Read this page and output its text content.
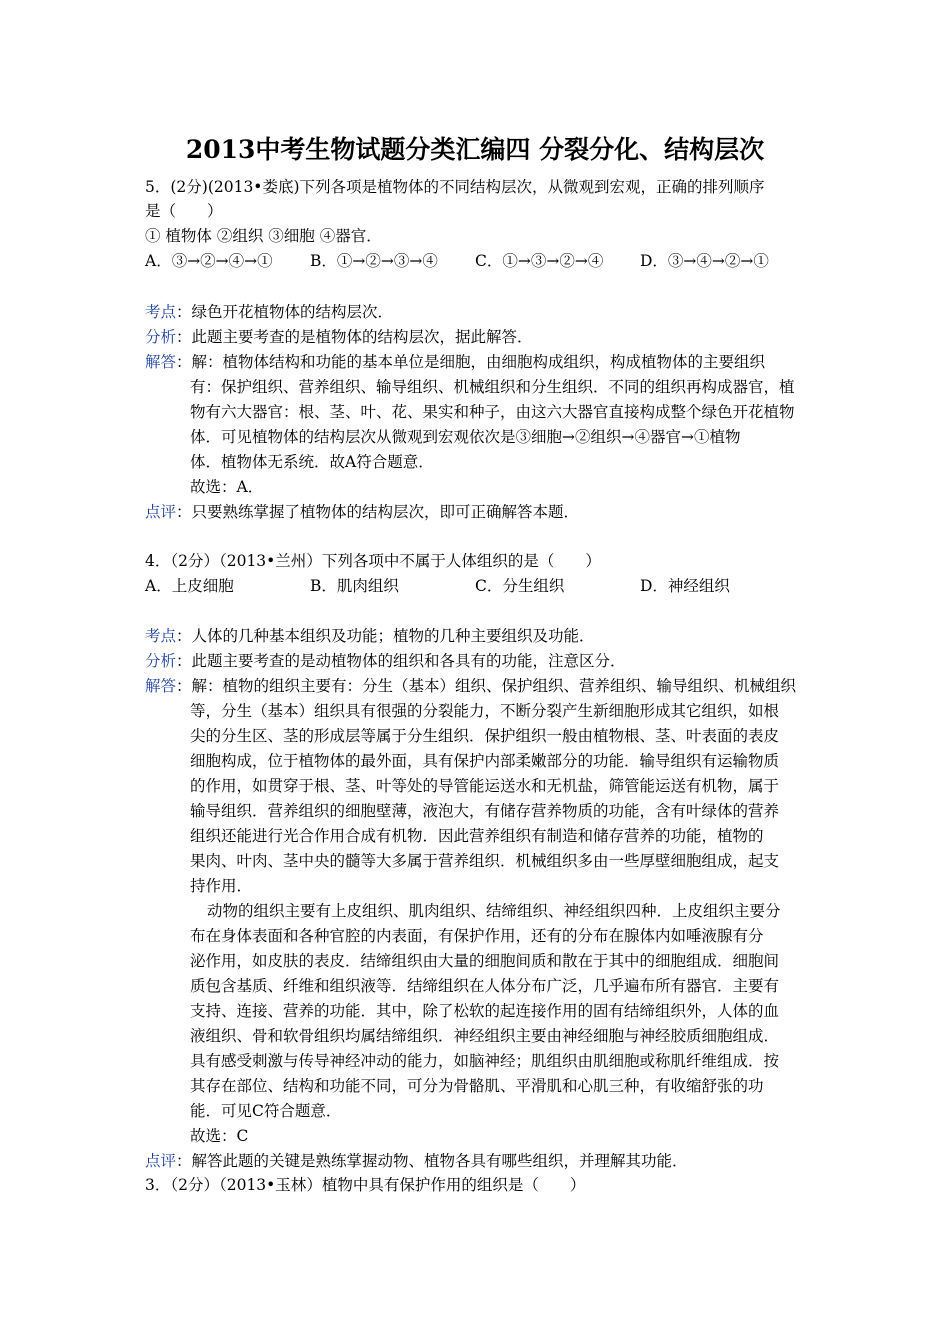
2013中考生物试题分类汇编四 分裂分化、结构层次
5．(2分)(2013•娄底)下列各项是植物体的不同结构层次，从微观到宏观，正确的排列顺序
是（　　）
① 植物体 ②组织 ③细胞 ④器官．
A．③→②→④→① B．①→②→③→④ C．①→③→②→④ D．③→④→②→①
考点：绿色开花植物体的结构层次．
分析：此题主要考查的是植物体的结构层次，据此解答．
解答：解：植物体结构和功能的基本单位是细胞，由细胞构成组织，构成植物体的主要组织
有：保护组织、营养组织、输导组织、机械组织和分生组织．不同的组织再构成器官，植
物有六大器官：根、茎、叶、花、果实和种子，由这六大器官直接构成整个绿色开花植物
体．可见植物体的结构层次从微观到宏观依次是③细胞→②组织→④器官→①植物
体．植物体无系统．故A符合题意．
故选：A．
点评：只要熟练掌握了植物体的结构层次，即可正确解答本题．
4．（2分）（2013•兰州）下列各项中不属于人体组织的是（　　）
A．上皮细胞	B．肌肉组织	C．分生组织	D．神经组织
考点：人体的几种基本组织及功能；植物的几种主要组织及功能．
分析：此题主要考查的是动植物体的组织和各具有的功能，注意区分．
解答：解：植物的组织主要有：分生（基本）组织、保护组织、营养组织、输导组织、机械组织
等，分生（基本）组织具有很强的分裂能力，不断分裂产生新细胞形成其它组织，如根
尖的分生区、茎的形成层等属于分生组织．保护组织一般由植物根、茎、叶表面的表皮
细胞构成，位于植物体的最外面，具有保护内部柔嫩部分的功能．输导组织有运输物质
的作用，如贯穿于根、茎、叶等处的导管能运送水和无机盐，筛管能运送有机物，属于
输导组织．营养组织的细胞壁薄，液泡大，有储存营养物质的功能，含有叶绿体的营养
组织还能进行光合作用合成有机物．因此营养组织有制造和储存营养的功能，植物的
果肉、叶肉、茎中央的髓等大多属于营养组织．机械组织多由一些厚壁细胞组成，起支
持作用．
动物的组织主要有上皮组织、肌肉组织、结缔组织、神经组织四种．上皮组织主要分
布在身体表面和各种官腔的内表面，有保护作用，还有的分布在腺体内如唾液腺有分
泌作用，如皮肤的表皮．结缔组织由大量的细胞间质和散在于其中的细胞组成．细胞间
质包含基质、纤维和组织液等．结缔组织在人体分布广泛，几乎遍布所有器官．主要有
支持、连接、营养的功能．其中，除了松软的起连接作用的固有结缔组织外，人体的血
液组织、骨和软骨组织均属结缔组织．神经组织主要由神经细胞与神经胶质细胞组成．
具有感受刺激与传导神经冲动的能力，如脑神经；肌组织由肌细胞或称肌纤维组成．按
其存在部位、结构和功能不同，可分为骨骼肌、平滑肌和心肌三种，有收缩舒张的功
能．可见C符合题意．
故选：C
点评：解答此题的关键是熟练掌握动物、植物各具有哪些组织，并理解其功能．
3．（2分）（2013•玉林）植物中具有保护作用的组织是（　　）
